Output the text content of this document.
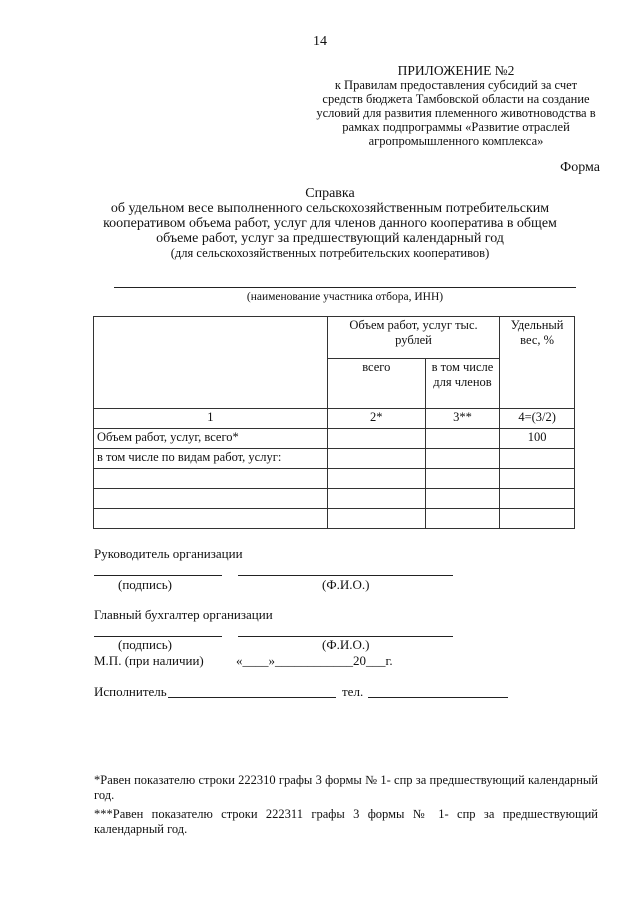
14
ПРИЛОЖЕНИЕ №2
к Правилам предоставления субсидий за счет
средств бюджета Тамбовской области на создание
условий для развития племенного животноводства в
рамках подпрограммы «Развитие отраслей
агропромышленного комплекса»
Форма
Справка
об удельном весе выполненного сельскохозяйственным потребительским
кооперативом объема работ, услуг для членов данного кооператива в общем
объеме работ, услуг за предшествующий календарный год
(для сельскохозяйственных потребительских кооперативов)
(наименование участника отбора, ИНН)
	Объем работ, услуг тыс. рублей		Удельный вес, %
	всего	в том числе для членов	
1	2*	3**	4=(3/2)
Объем работ, услуг, всего*			100
в том числе по видам работ, услуг:			

Руководитель организации
(подпись)	(Ф.И.О.)
Главный бухгалтер организации
(подпись)	(Ф.И.О.)
М.П. (при наличии) «____»____________20___г.
Исполнитель	тел.
*Равен показателю строки 222310 графы 3 формы № 1- спр за предшествующий календарный год.
***Равен показателю строки 222311 графы 3 формы № 1- спр за предшествующий календарный год.
